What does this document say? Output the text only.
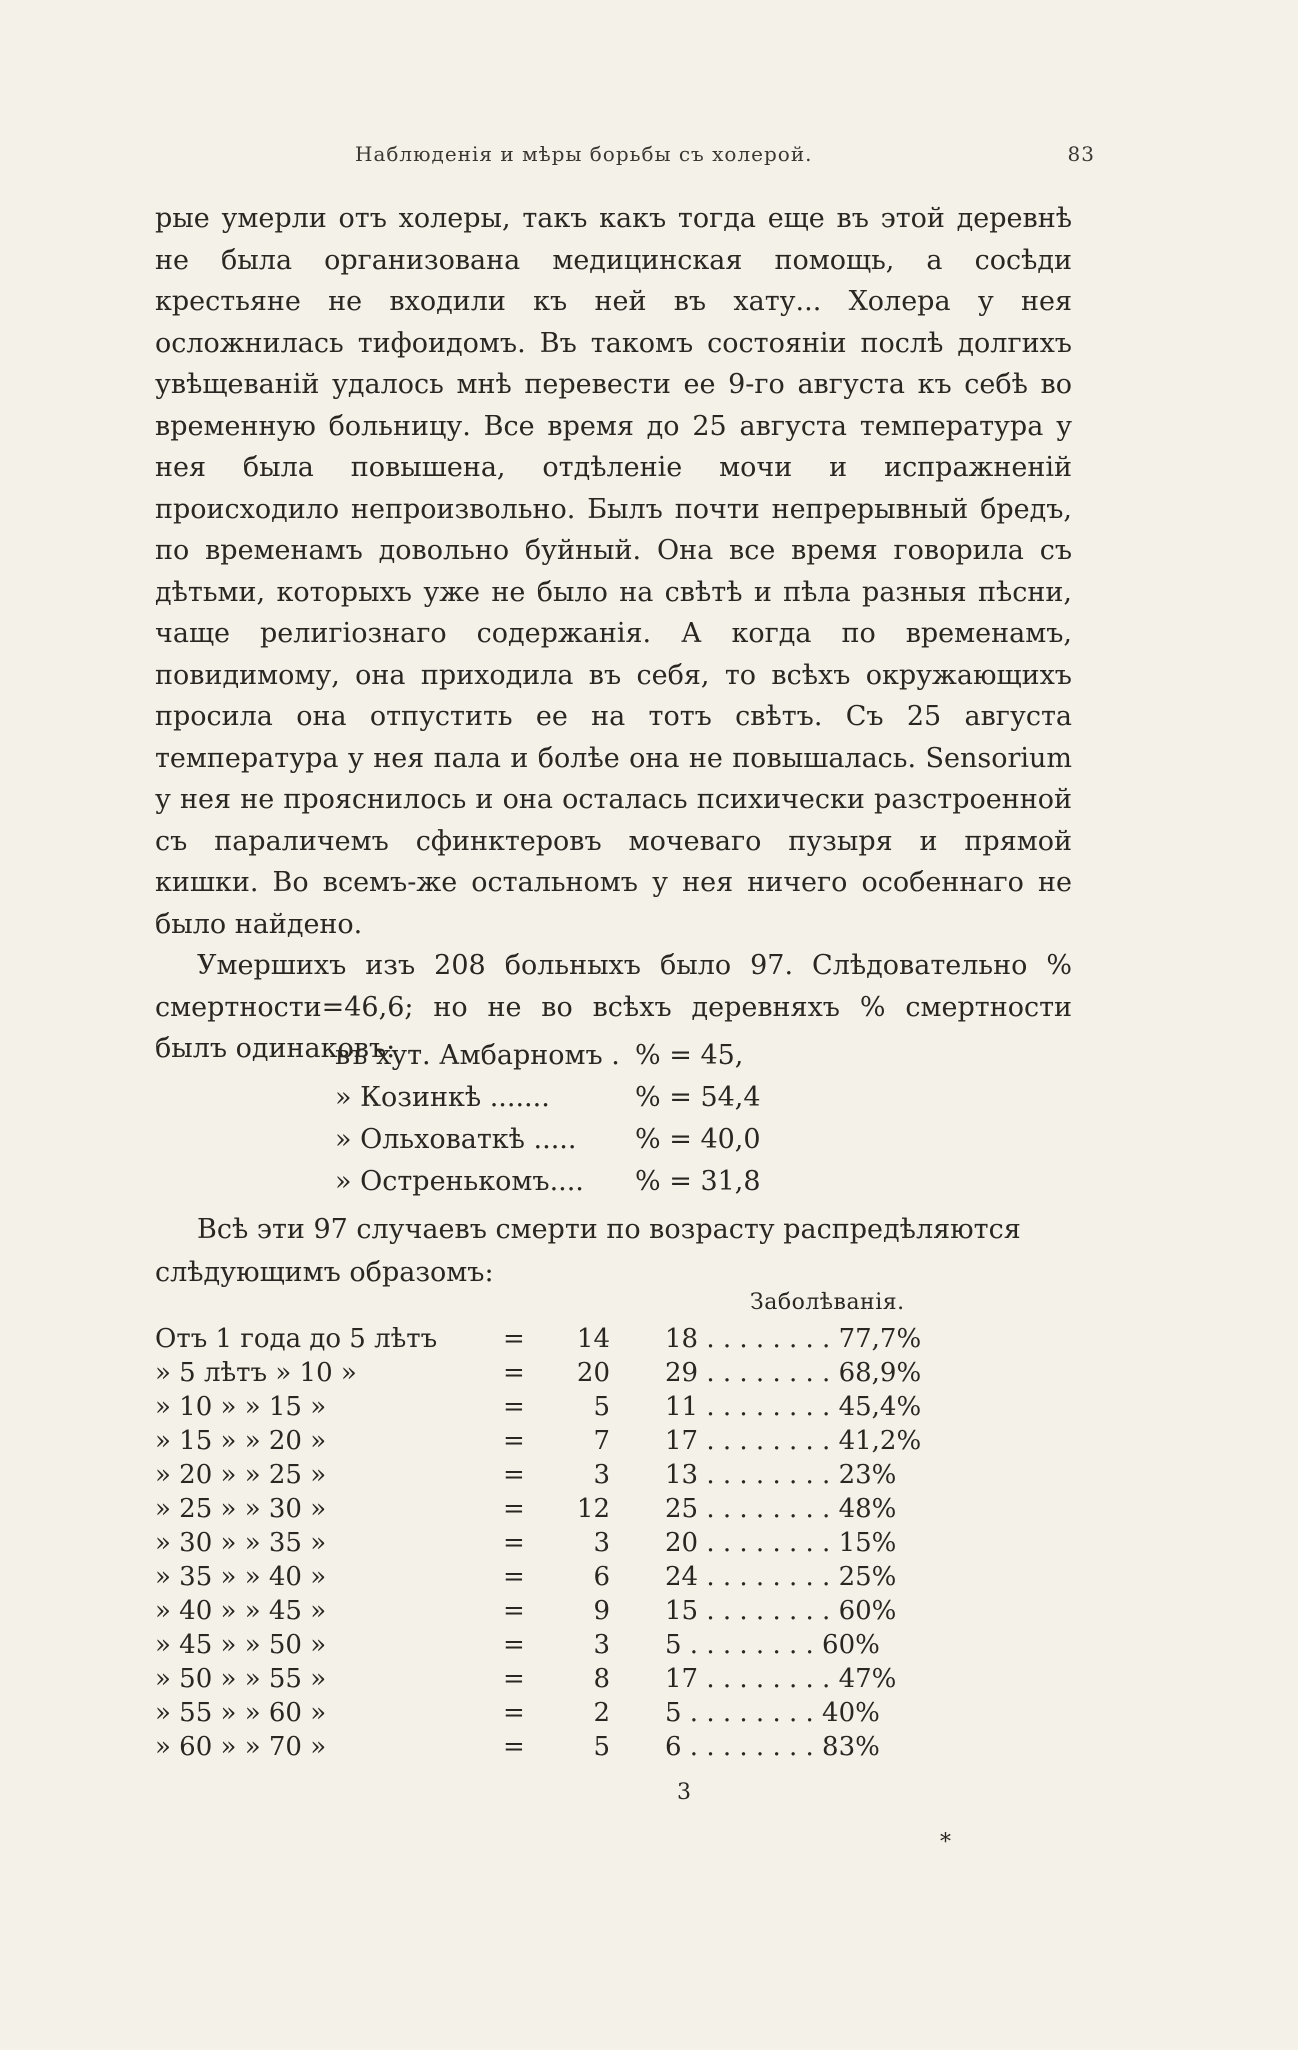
Наблюденія и мѣры борьбы съ холерой.	83

рые умерли отъ холеры, такъ какъ тогда еще въ этой деревнѣ не была организована медицинская помощь, а сосѣди крестьяне не входили къ ней въ хату... Холера у нея осложнилась тифоидомъ. Въ такомъ состояніи послѣ долгихъ увѣщеваній удалось мнѣ перевести ее 9-го августа къ себѣ во временную больницу. Все время до 25 августа температура у нея была повышена, отдѣленіе мочи и испражненій происходило непроизвольно. Былъ почти непрерывный бредъ, по временамъ довольно буйный. Она все время говорила съ дѣтьми, которыхъ уже не было на свѣтѣ и пѣла разныя пѣсни, чаще религіознаго содержанія. А когда по временамъ, повидимому, она приходила въ себя, то всѣхъ окружающихъ просила она отпустить ее на тотъ свѣтъ. Съ 25 августа температура у нея пала и болѣе она не повышалась. Sensorium у нея не прояснилось и она осталась психически разстроенной съ параличемъ сфинктеровъ мочеваго пузыря и прямой кишки. Во всемъ-же остальномъ у нея ничего особеннаго не было найдено.

Умершихъ изъ 208 больныхъ было 97. Слѣдовательно % смертности=46,6; но не во всѣхъ деревняхъ % смертности былъ одинаковъ:

въ хут. Амбарномъ . % = 45,
» Козинкѣ .......	% = 54,4
» Ольховаткѣ ..... % = 40,0
» Остренькомъ.... % = 31,8

Всѣ эти 97 случаевъ смерти по возрасту распредѣляются слѣдующимъ образомъ:

Заболѣванія.
Отъ 1 года до 5 лѣтъ	=	14 18 . . . . . . . . 77,7%
» 5 лѣтъ » 10 »	=	20 29 . . . . . . . . 68,9%
» 10 » » 15 »	=	5 11 . . . . . . . . 45,4%
» 15 » » 20 »	=	7 17 . . . . . . . . 41,2%
» 20 » » 25 »	=	3 13 . . . . . . . . 23%
» 25 » » 30 »	=	12 25 . . . . . . . . 48%
» 30 » » 35 »	=	3 20 . . . . . . . . 15%
» 35 » » 40 »	=	6 24 . . . . . . . . 25%
» 40 » » 45 »	=	9 15 . . . . . . . . 60%
» 45 » » 50 »	=	3 5 . . . . . . . . 60%
» 50 » » 55 »	=	8 17 . . . . . . . . 47%
» 55 » » 60 »	=	2 5 . . . . . . . . 40%
» 60 » » 70 »	=	5 6 . . . . . . . . 83%
3
*
